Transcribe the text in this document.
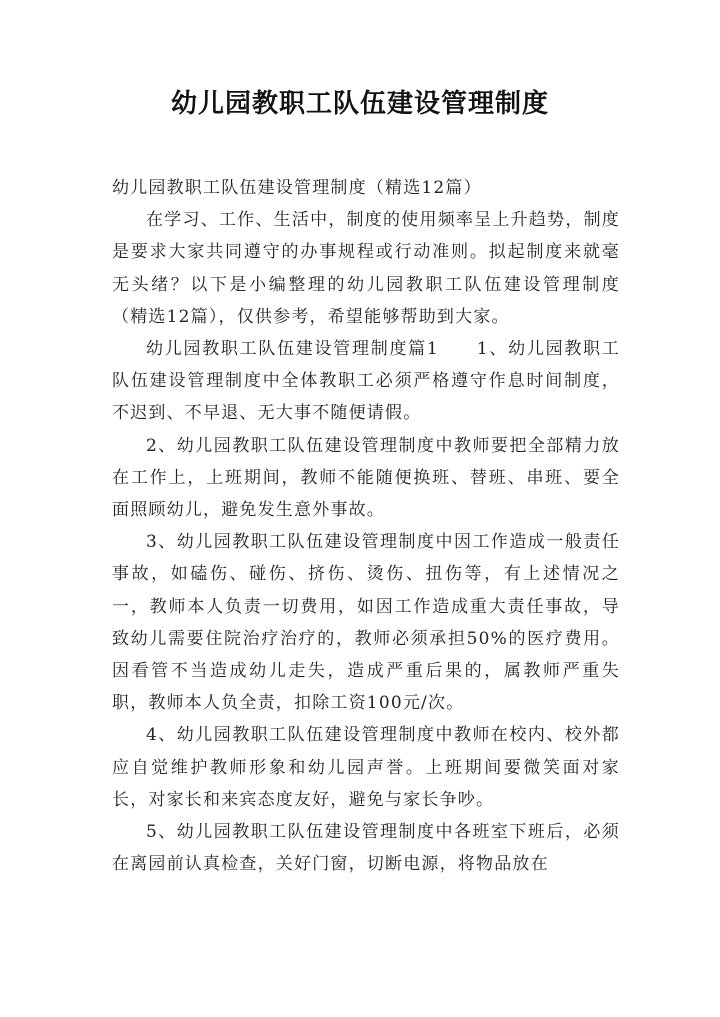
幼儿园教职工队伍建设管理制度

幼儿园教职工队伍建设管理制度（精选12篇）

在学习、工作、生活中，制度的使用频率呈上升趋势，制度是要求大家共同遵守的办事规程或行动准则。拟起制度来就毫无头绪？以下是小编整理的幼儿园教职工队伍建设管理制度（精选12篇），仅供参考，希望能够帮助到大家。

幼儿园教职工队伍建设管理制度篇1　　1、幼儿园教职工队伍建设管理制度中全体教职工必须严格遵守作息时间制度，不迟到、不早退、无大事不随便请假。

2、幼儿园教职工队伍建设管理制度中教师要把全部精力放在工作上，上班期间，教师不能随便换班、替班、串班、要全面照顾幼儿，避免发生意外事故。

3、幼儿园教职工队伍建设管理制度中因工作造成一般责任事故，如磕伤、碰伤、挤伤、烫伤、扭伤等，有上述情况之一，教师本人负责一切费用，如因工作造成重大责任事故，导致幼儿需要住院治疗治疗的，教师必须承担50%的医疗费用。因看管不当造成幼儿走失，造成严重后果的，属教师严重失职，教师本人负全责，扣除工资100元/次。

4、幼儿园教职工队伍建设管理制度中教师在校内、校外都应自觉维护教师形象和幼儿园声誉。上班期间要微笑面对家长，对家长和来宾态度友好，避免与家长争吵。

5、幼儿园教职工队伍建设管理制度中各班室下班后，必须在离园前认真检查，关好门窗，切断电源，将物品放在
